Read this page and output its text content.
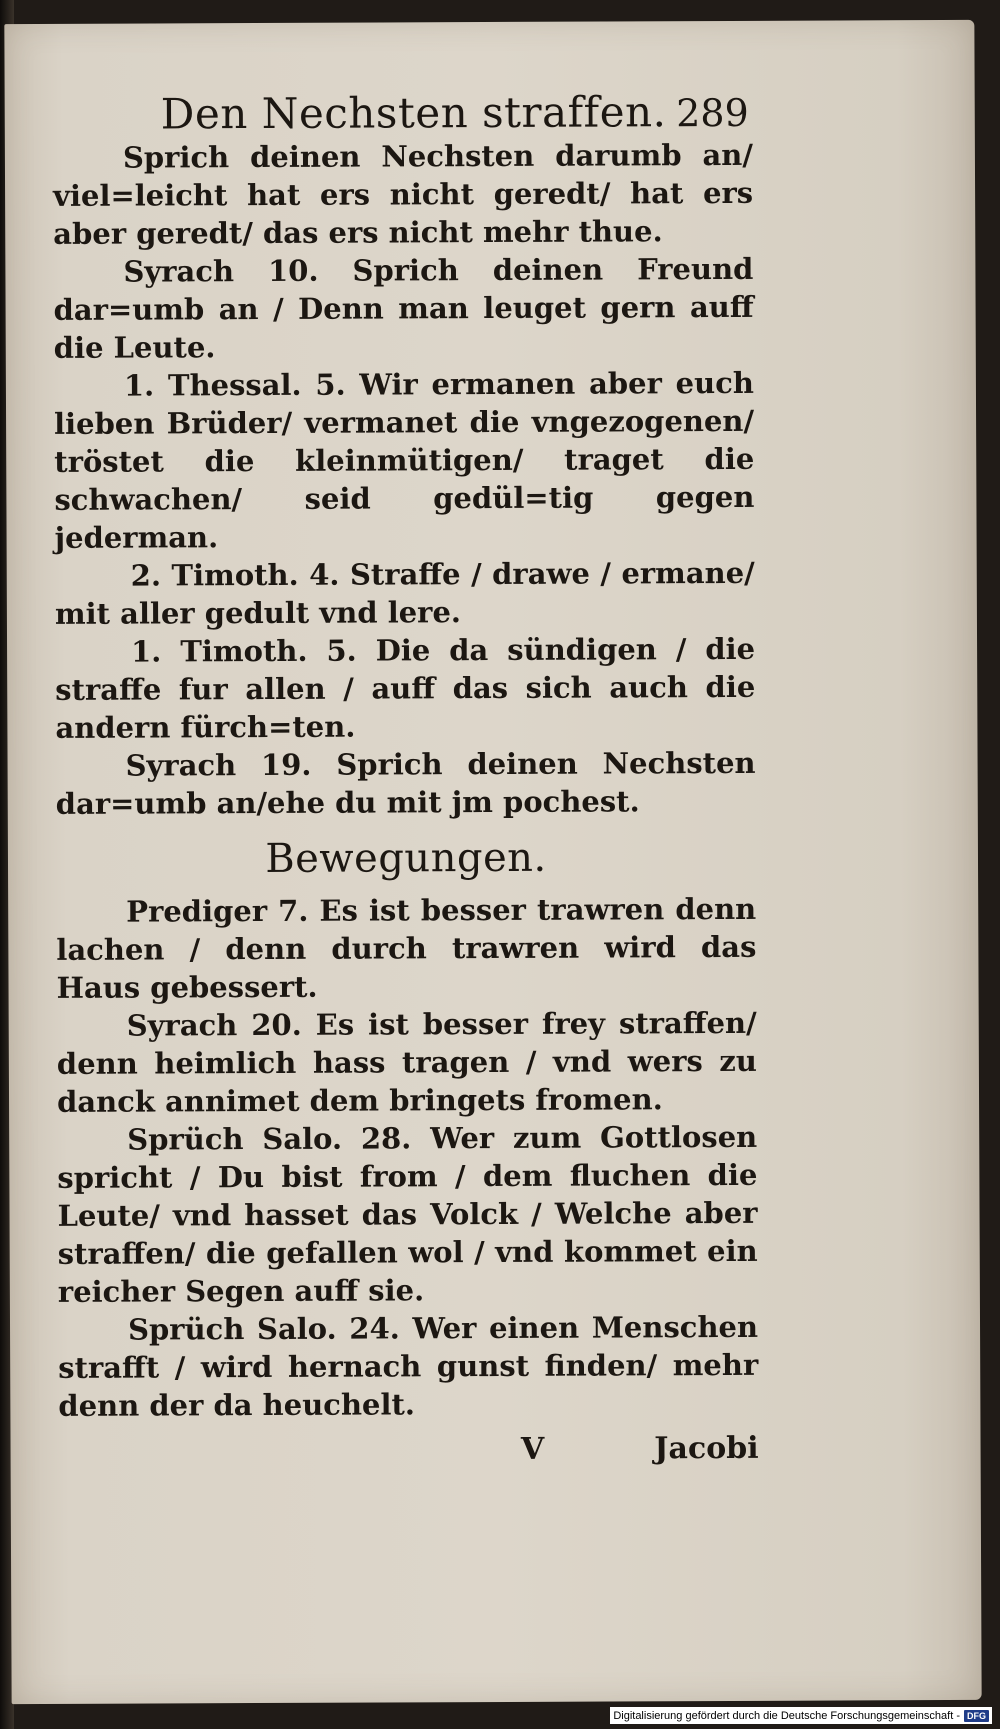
Den Nechsten straffen. 289

Sprich deinen Nechsten darumb an/ viel=leicht hat ers nicht geredt/ hat ers aber geredt/ das ers nicht mehr thue.

Syrach 10. Sprich deinen Freund dar=umb an / Denn man leuget gern auff die Leute.

1. Thessal. 5. Wir ermanen aber euch lieben Brüder/ vermanet die vngezogenen/ tröstet die kleinmütigen/ traget die schwachen/ seid gedül=tig gegen jederman.

2. Timoth. 4. Straffe / drawe / ermane/ mit aller gedult vnd lere.

1. Timoth. 5. Die da sündigen / die straffe fur allen / auff das sich auch die andern fürch=ten.

Syrach 19. Sprich deinen Nechsten dar=umb an/ehe du mit jm pochest.

Bewegungen.

Prediger 7. Es ist besser trawren denn lachen / denn durch trawren wird das Haus gebessert.

Syrach 20. Es ist besser frey straffen/ denn heimlich hass tragen / vnd wers zu danck annimet dem bringets fromen.

Sprüch Salo. 28. Wer zum Gottlosen spricht / Du bist from / dem fluchen die Leute/ vnd hasset das Volck / Welche aber straffen/ die gefallen wol / vnd kommet ein reicher Segen auff sie.

Sprüch Salo. 24. Wer einen Menschen strafft / wird hernach gunst finden/ mehr denn der da heuchelt.

V	Jacobi
Digitalisierung gefördert durch die Deutsche Forschungsgemeinschaft - DFG
